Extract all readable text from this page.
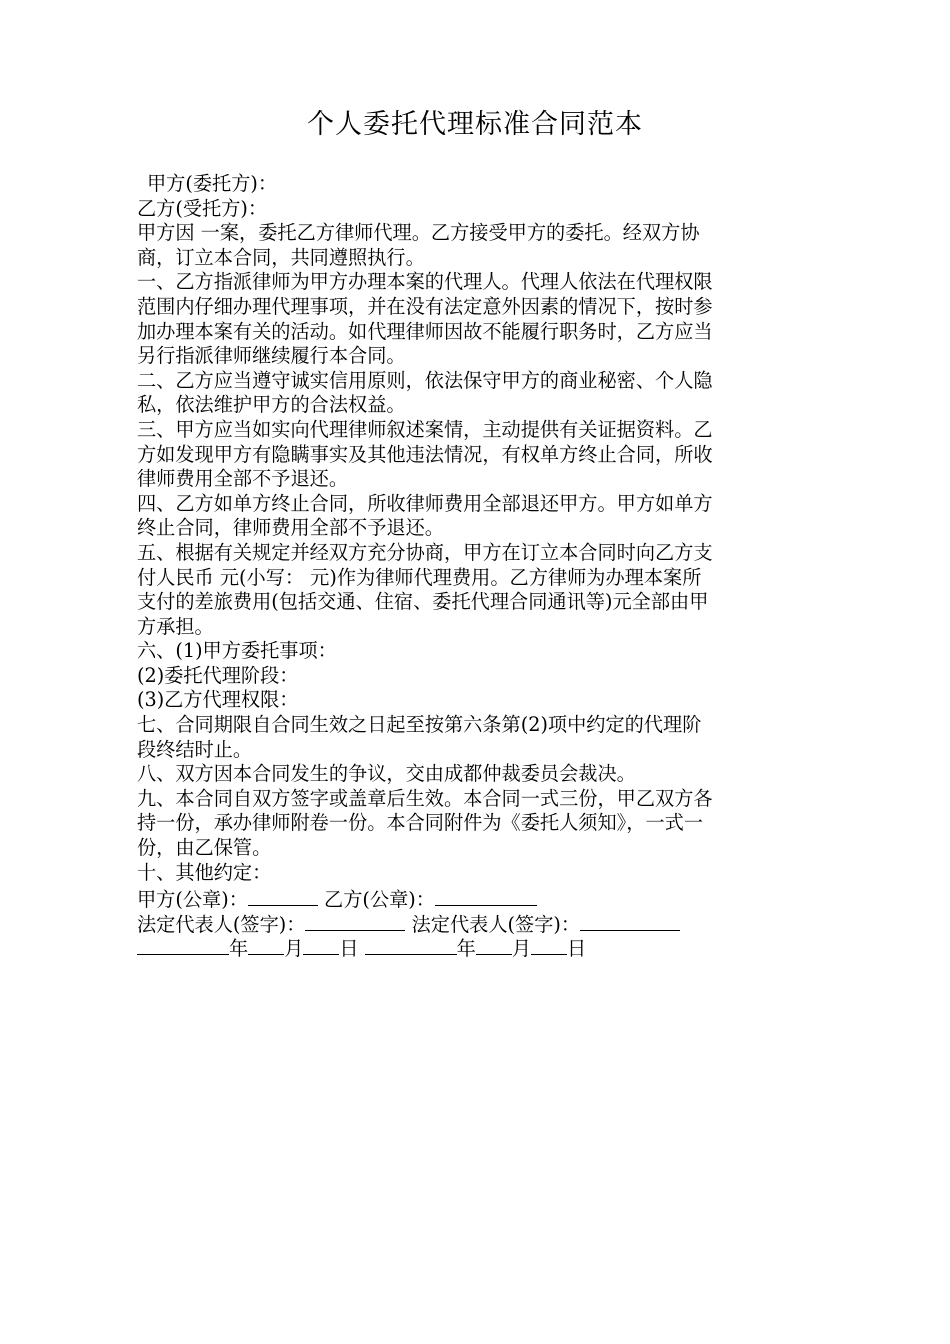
个人委托代理标准合同范本
甲方(委托方)：
乙方(受托方)：
甲方因 一案，委托乙方律师代理。乙方接受甲方的委托。经双方协
商，订立本合同，共同遵照执行。
一、乙方指派律师为甲方办理本案的代理人。代理人依法在代理权限
范围内仔细办理代理事项，并在没有法定意外因素的情况下，按时参
加办理本案有关的活动。如代理律师因故不能履行职务时，乙方应当
另行指派律师继续履行本合同。
二、乙方应当遵守诚实信用原则，依法保守甲方的商业秘密、个人隐
私，依法维护甲方的合法权益。
三、甲方应当如实向代理律师叙述案情，主动提供有关证据资料。乙
方如发现甲方有隐瞒事实及其他违法情况，有权单方终止合同，所收
律师费用全部不予退还。
四、乙方如单方终止合同，所收律师费用全部退还甲方。甲方如单方
终止合同，律师费用全部不予退还。
五、根据有关规定并经双方充分协商，甲方在订立本合同时向乙方支
付人民币 元(小写： 元)作为律师代理费用。乙方律师为办理本案所
支付的差旅费用(包括交通、住宿、委托代理合同通讯等)元全部由甲
方承担。
六、(1)甲方委托事项：
(2)委托代理阶段：
(3)乙方代理权限：
七、合同期限自合同生效之日起至按第六条第(2)项中约定的代理阶
段终结时止。
八、双方因本合同发生的争议，交由成都仲裁委员会裁决。
九、本合同自双方签字或盖章后生效。本合同一式三份，甲乙双方各
持一份，承办律师附卷一份。本合同附件为《委托人须知》，一式一
份，由乙保管。
十、其他约定：
甲方(公章)：	乙方(公章)：
法定代表人(签字)：	法定代表人(签字)：
年 月 日	年 月 日
